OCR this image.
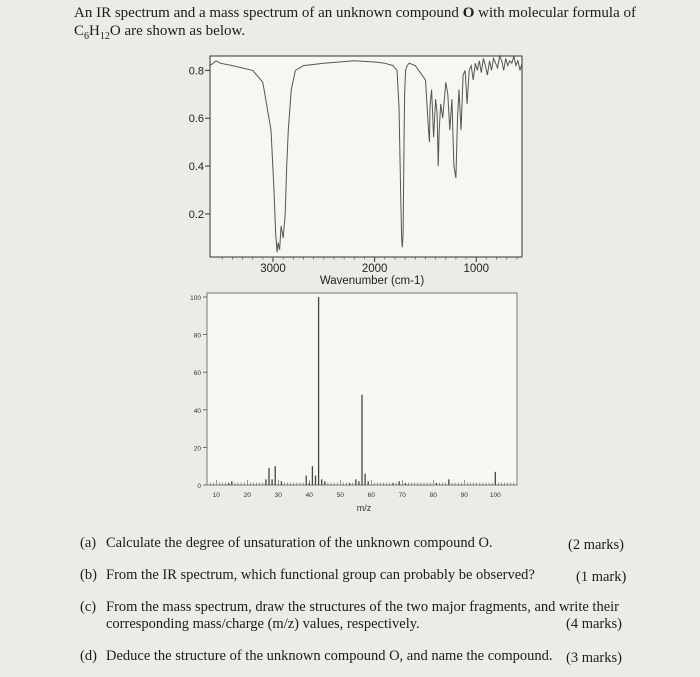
An IR spectrum and a mass spectrum of an unknown compound O with molecular formula of
$C_6H_{12}O$ are shown as below.
0.8
0.6
0.4
0.2
3000	2000	1000
Wavenumber (cm-1)
0
20
40
60
80
100
10	20	30	40	50	60	70	80	90	100
m/z
(a) Calculate the degree of unsaturation of the unknown compound O.	(2 marks)
(b) From the IR spectrum, which functional group can probably be observed?	(1 mark)
(c) From the mass spectrum, draw the structures of the two major fragments, and write their
corresponding mass/charge (m/z) values, respectively.	(4 marks)
(d) Deduce the structure of the unknown compound O, and name the compound. (3 marks)
